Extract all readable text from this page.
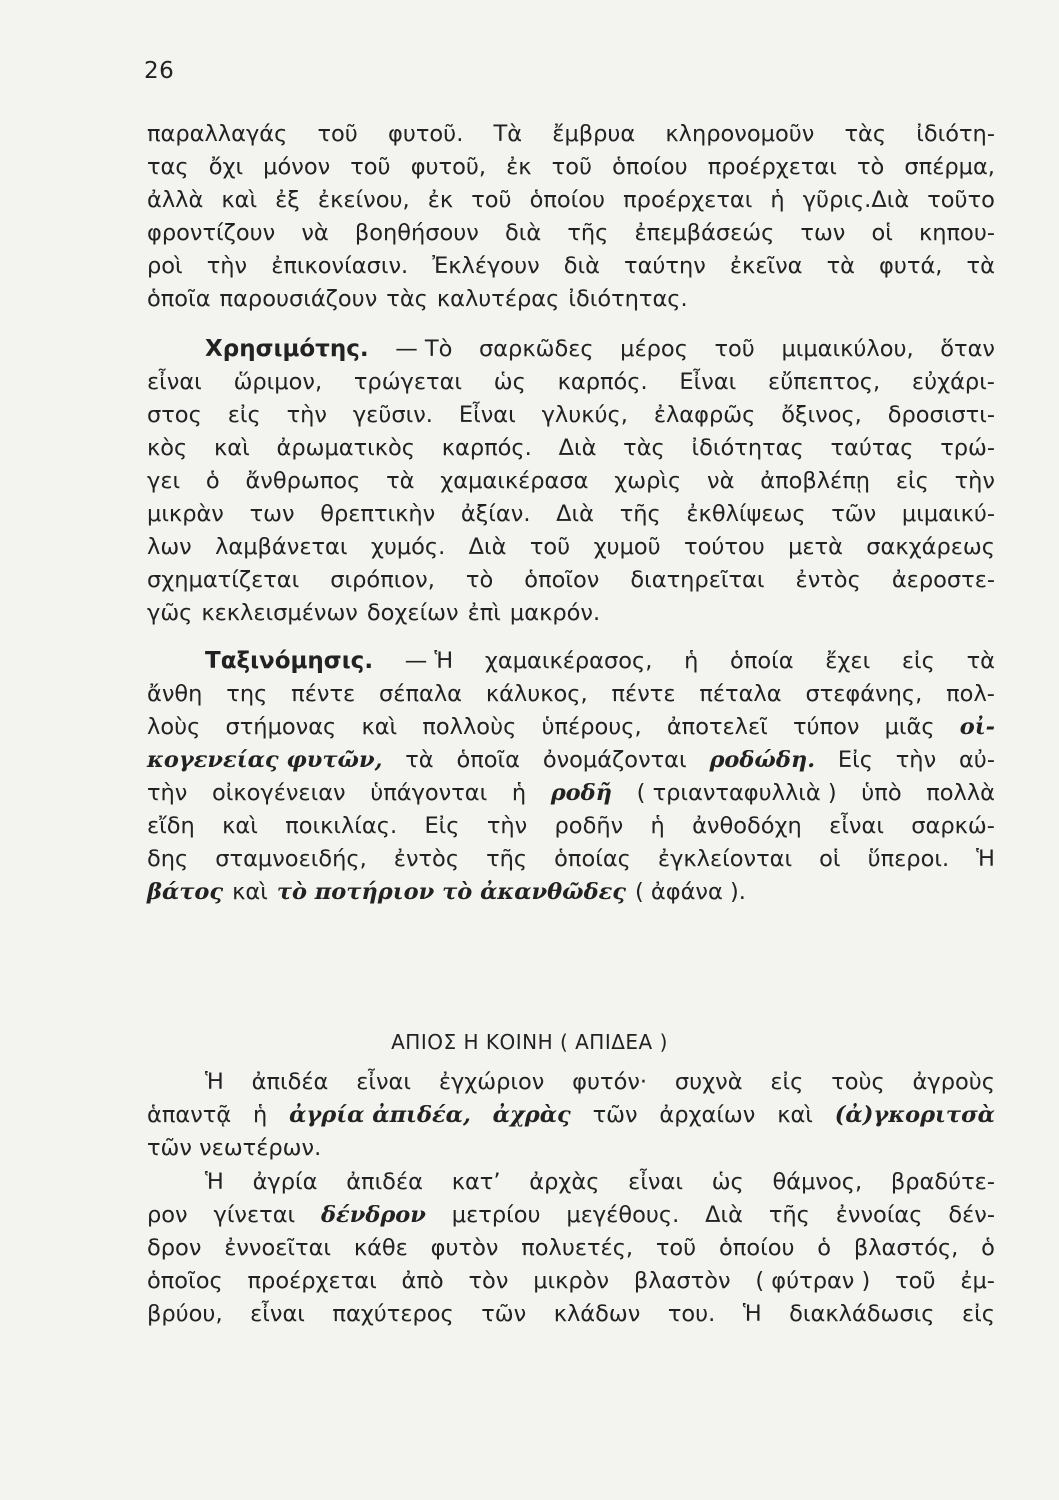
26
παραλλαγάς τοῦ φυτοῦ. Τὰ ἔμβρυα κληρονομοῦν τὰς ἰδιότη-
τας ὄχι μόνον τοῦ φυτοῦ, ἐκ τοῦ ὁποίου προέρχεται τὸ σπέρμα,
ἀλλὰ καὶ ἐξ ἐκείνου, ἐκ τοῦ ὁποίου προέρχεται ἡ γῦρις.Διὰ τοῦτο
φροντίζουν νὰ βοηθήσουν διὰ τῆς ἐπεμβάσεώς των οἱ κηπου-
ροὶ τὴν ἐπικονίασιν. Ἐκλέγουν διὰ ταύτην ἐκεῖνα τὰ φυτά, τὰ
ὁποῖα παρουσιάζουν τὰς καλυτέρας ἰδιότητας.
Χρησιμότης. — Τὸ σαρκῶδες μέρος τοῦ μιμαικύλου, ὅταν
εἶναι ὥριμον, τρώγεται ὡς καρπός. Εἶναι εὔπεπτος, εὐχάρι-
στος εἰς τὴν γεῦσιν. Εἶναι γλυκύς, ἐλαφρῶς ὄξινος, δροσιστι-
κὸς καὶ ἀρωματικὸς καρπός. Διὰ τὰς ἰδιότητας ταύτας τρώ-
γει ὁ ἄνθρωπος τὰ χαμαικέρασα χωρὶς νὰ ἀποβλέπῃ εἰς τὴν
μικρὰν των θρεπτικὴν ἀξίαν. Διὰ τῆς ἐκθλίψεως τῶν μιμαικύ-
λων λαμβάνεται χυμός. Διὰ τοῦ χυμοῦ τούτου μετὰ σακχάρεως
σχηματίζεται σιρόπιον, τὸ ὁποῖον διατηρεῖται ἐντὸς ἀεροστε-
γῶς κεκλεισμένων δοχείων ἐπὶ μακρόν.
Ταξινόμησις. — Ἡ χαμαικέρασος, ἡ ὁποία ἔχει εἰς τὰ
ἄνθη της πέντε σέπαλα κάλυκος, πέντε πέταλα στεφάνης, πολ-
λοὺς στήμονας καὶ πολλοὺς ὑπέρους, ἀποτελεῖ τύπον μιᾶς οἰ-
κογενείας φυτῶν, τὰ ὁποῖα ὀνομάζονται ροδώδη. Εἰς τὴν αὐ-
τὴν οἰκογένειαν ὑπάγονται ἡ ροδῆ ( τριανταφυλλιὰ ) ὑπὸ πολλὰ
εἴδη καὶ ποικιλίας. Εἰς τὴν ροδῆν ἡ ἀνθοδόχη εἶναι σαρκώ-
δης σταμνοειδής, ἐντὸς τῆς ὁποίας ἐγκλείονται οἱ ὕπεροι. Ἡ
βάτος καὶ τὸ ποτήριον τὸ ἀκανθῶδες ( ἀφάνα ).
ΑΠΙΟΣ Η ΚΟΙΝΗ ( ΑΠΙΔΕΑ )
Ἡ ἀπιδέα εἶναι ἐγχώριον φυτόν· συχνὰ εἰς τοὺς ἀγροὺς
ἁπαντᾷ ἡ ἀγρία ἀπιδέα, ἀχρὰς τῶν ἀρχαίων καὶ (ἀ)γκοριτσὰ
τῶν νεωτέρων.
Ἡ ἀγρία ἀπιδέα κατ’ ἀρχὰς εἶναι ὡς θάμνος, βραδύτε-
ρον γίνεται δένδρον μετρίου μεγέθους. Διὰ τῆς ἐννοίας δέν-
δρον ἐννοεῖται κάθε φυτὸν πολυετές, τοῦ ὁποίου ὁ βλαστός, ὁ
ὁποῖος προέρχεται ἀπὸ τὸν μικρὸν βλαστὸν ( φύτραν ) τοῦ ἐμ-
βρύου, εἶναι παχύτερος τῶν κλάδων του. Ἡ διακλάδωσις εἰς
